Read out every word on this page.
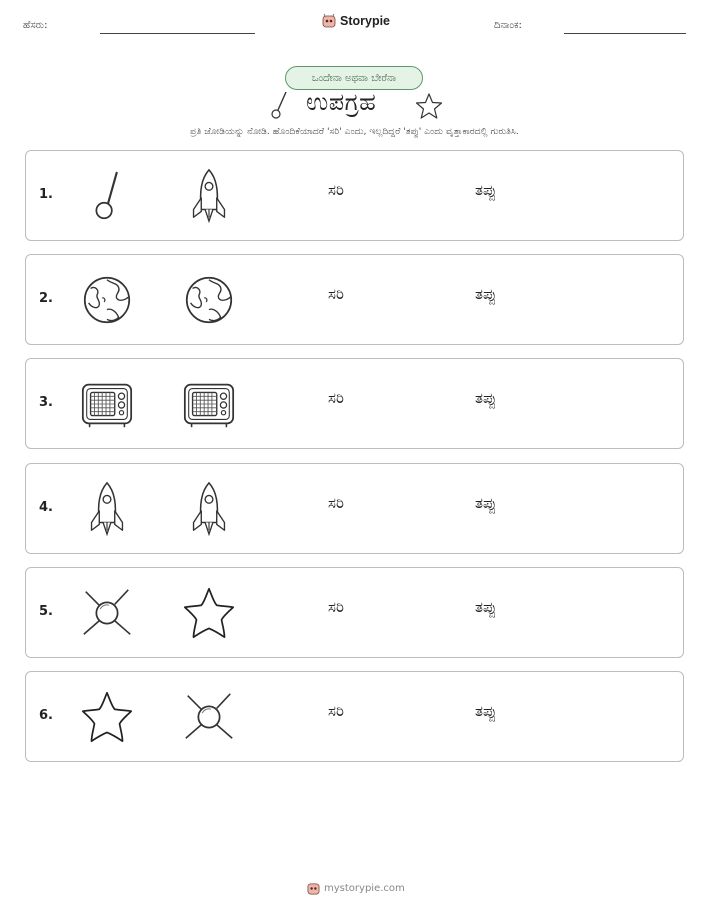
ಹೆಸರು:	Storypie	ದಿನಾಂಕ:
ಒಂದೇನಾ ಅಥವಾ ಬೇರೆನಾ
ಉಪಗ್ರಹ
ಪ್ರತಿ ಜೋಡಿಯನ್ನು ನೋಡಿ. ಹೊಂದಿಕೆಯಾದರೆ 'ಸರಿ' ಎಂದು, ಇಲ್ಲದಿದ್ದರೆ 'ತಪ್ಪು' ಎಂದು ವೃತ್ತಾಕಾರದಲ್ಲಿ ಗುರುತಿಸಿ.
1.	ಸರಿ	ತಪ್ಪು
2.	ಸರಿ	ತಪ್ಪು
3.	ಸರಿ	ತಪ್ಪು
4.	ಸರಿ	ತಪ್ಪು
5.	ಸರಿ	ತಪ್ಪು
6.	ಸರಿ	ತಪ್ಪು
mystorypie.com
